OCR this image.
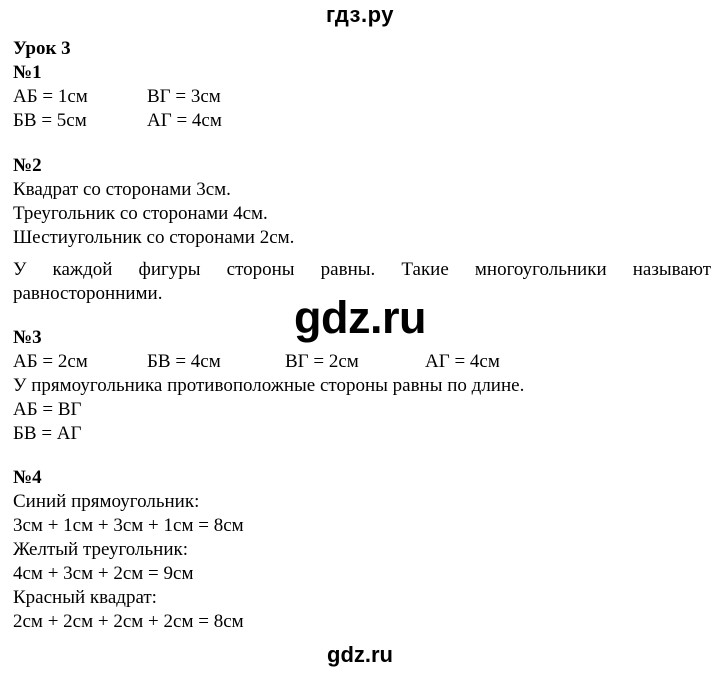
гдз.ру
Урок 3
№1
АБ = 1см	ВГ = 3см
БВ = 5см	АГ = 4см
№2
Квадрат со сторонами 3см.
Треугольник со сторонами 4см.
Шестиугольник со сторонами 2см.
У каждой фигуры стороны равны. Такие многоугольники называют
равносторонними.	gdz.ru
№3
АБ = 2см	БВ = 4см	ВГ = 2см	АГ = 4см
У прямоугольника противоположные стороны равны по длине.
АБ = ВГ
БВ = АГ
№4
Синий прямоугольник:
3см + 1см + 3см + 1см = 8см
Желтый треугольник:
4см + 3см + 2см = 9см
Красный квадрат:
2см + 2см + 2см + 2см = 8см
gdz.ru
